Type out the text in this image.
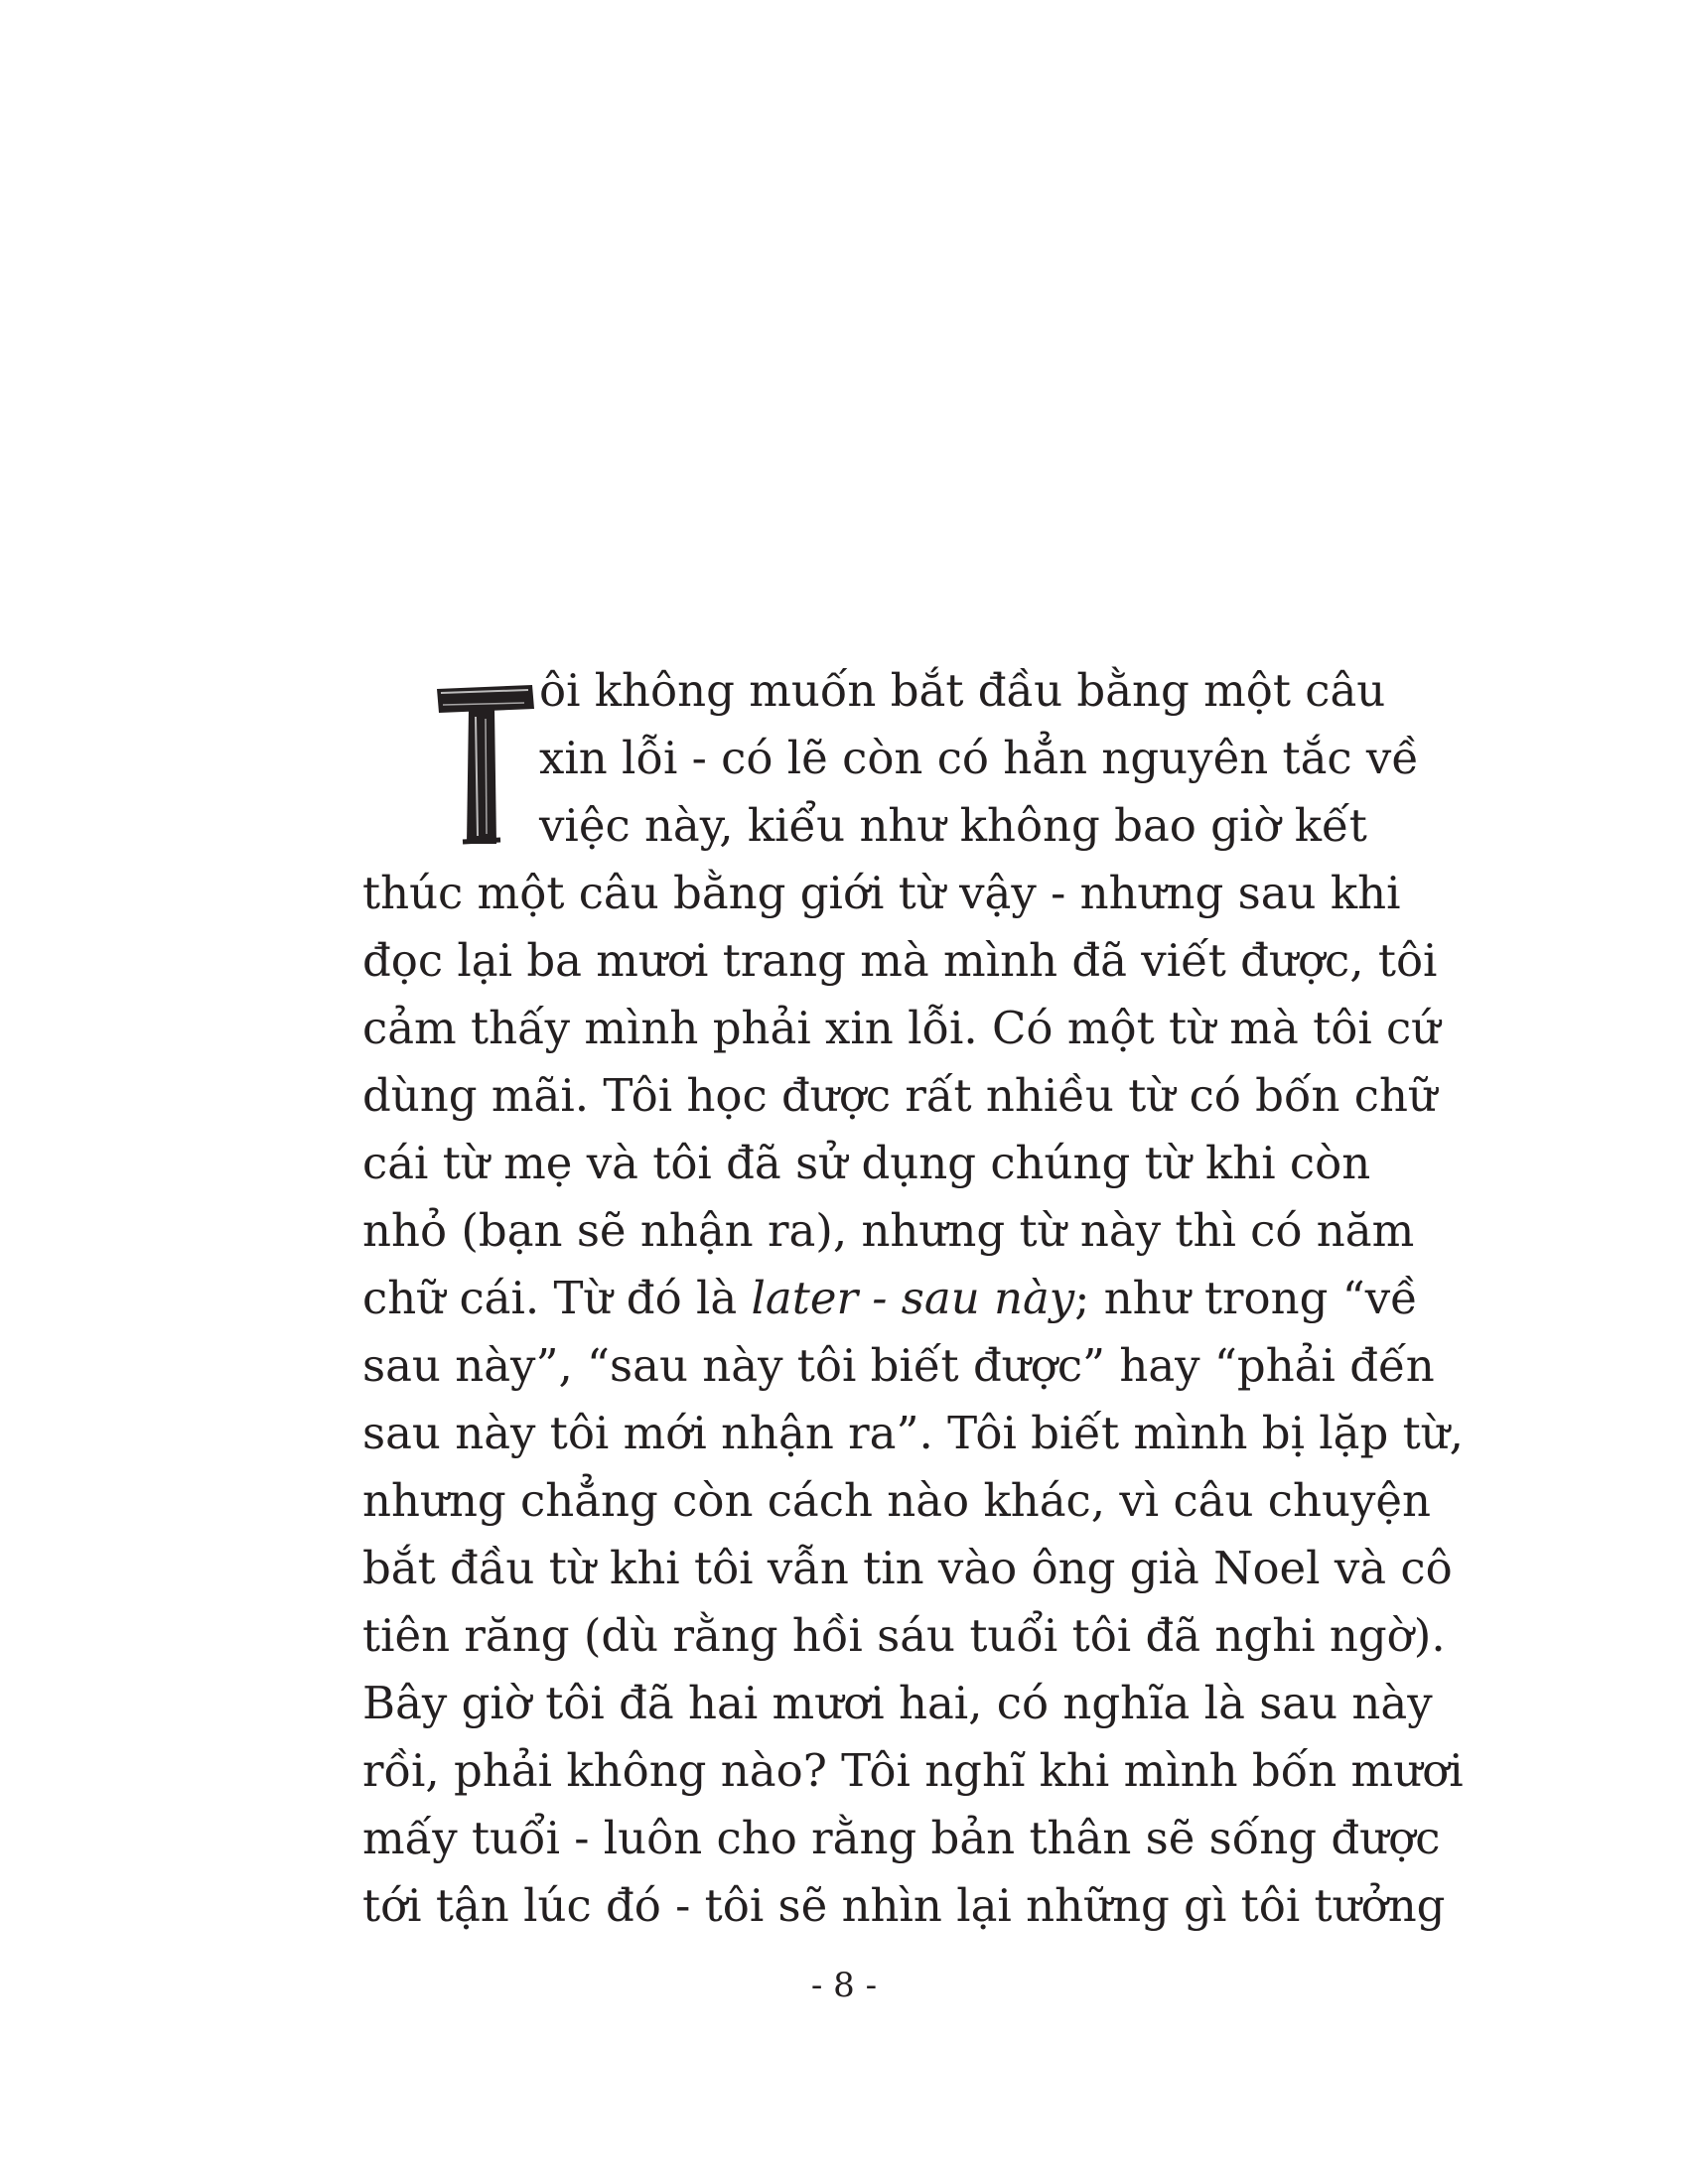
T ôi không muốn bắt đầu bằng một câu
xin lỗi - có lẽ còn có hẳn nguyên tắc về
việc này, kiểu như không bao giờ kết
thúc một câu bằng giới từ vậy - nhưng sau khi
đọc lại ba mươi trang mà mình đã viết được, tôi
cảm thấy mình phải xin lỗi. Có một từ mà tôi cứ
dùng mãi. Tôi học được rất nhiều từ có bốn chữ
cái từ mẹ và tôi đã sử dụng chúng từ khi còn
nhỏ (bạn sẽ nhận ra), nhưng từ này thì có năm
chữ cái. Từ đó là later - sau này; như trong “về
sau này”, “sau này tôi biết được” hay “phải đến
sau này tôi mới nhận ra”. Tôi biết mình bị lặp từ,
nhưng chẳng còn cách nào khác, vì câu chuyện
bắt đầu từ khi tôi vẫn tin vào ông già Noel và cô
tiên răng (dù rằng hồi sáu tuổi tôi đã nghi ngờ).
Bây giờ tôi đã hai mươi hai, có nghĩa là sau này
rồi, phải không nào? Tôi nghĩ khi mình bốn mươi
mấy tuổi - luôn cho rằng bản thân sẽ sống được
tới tận lúc đó - tôi sẽ nhìn lại những gì tôi tưởng
- 8 -
